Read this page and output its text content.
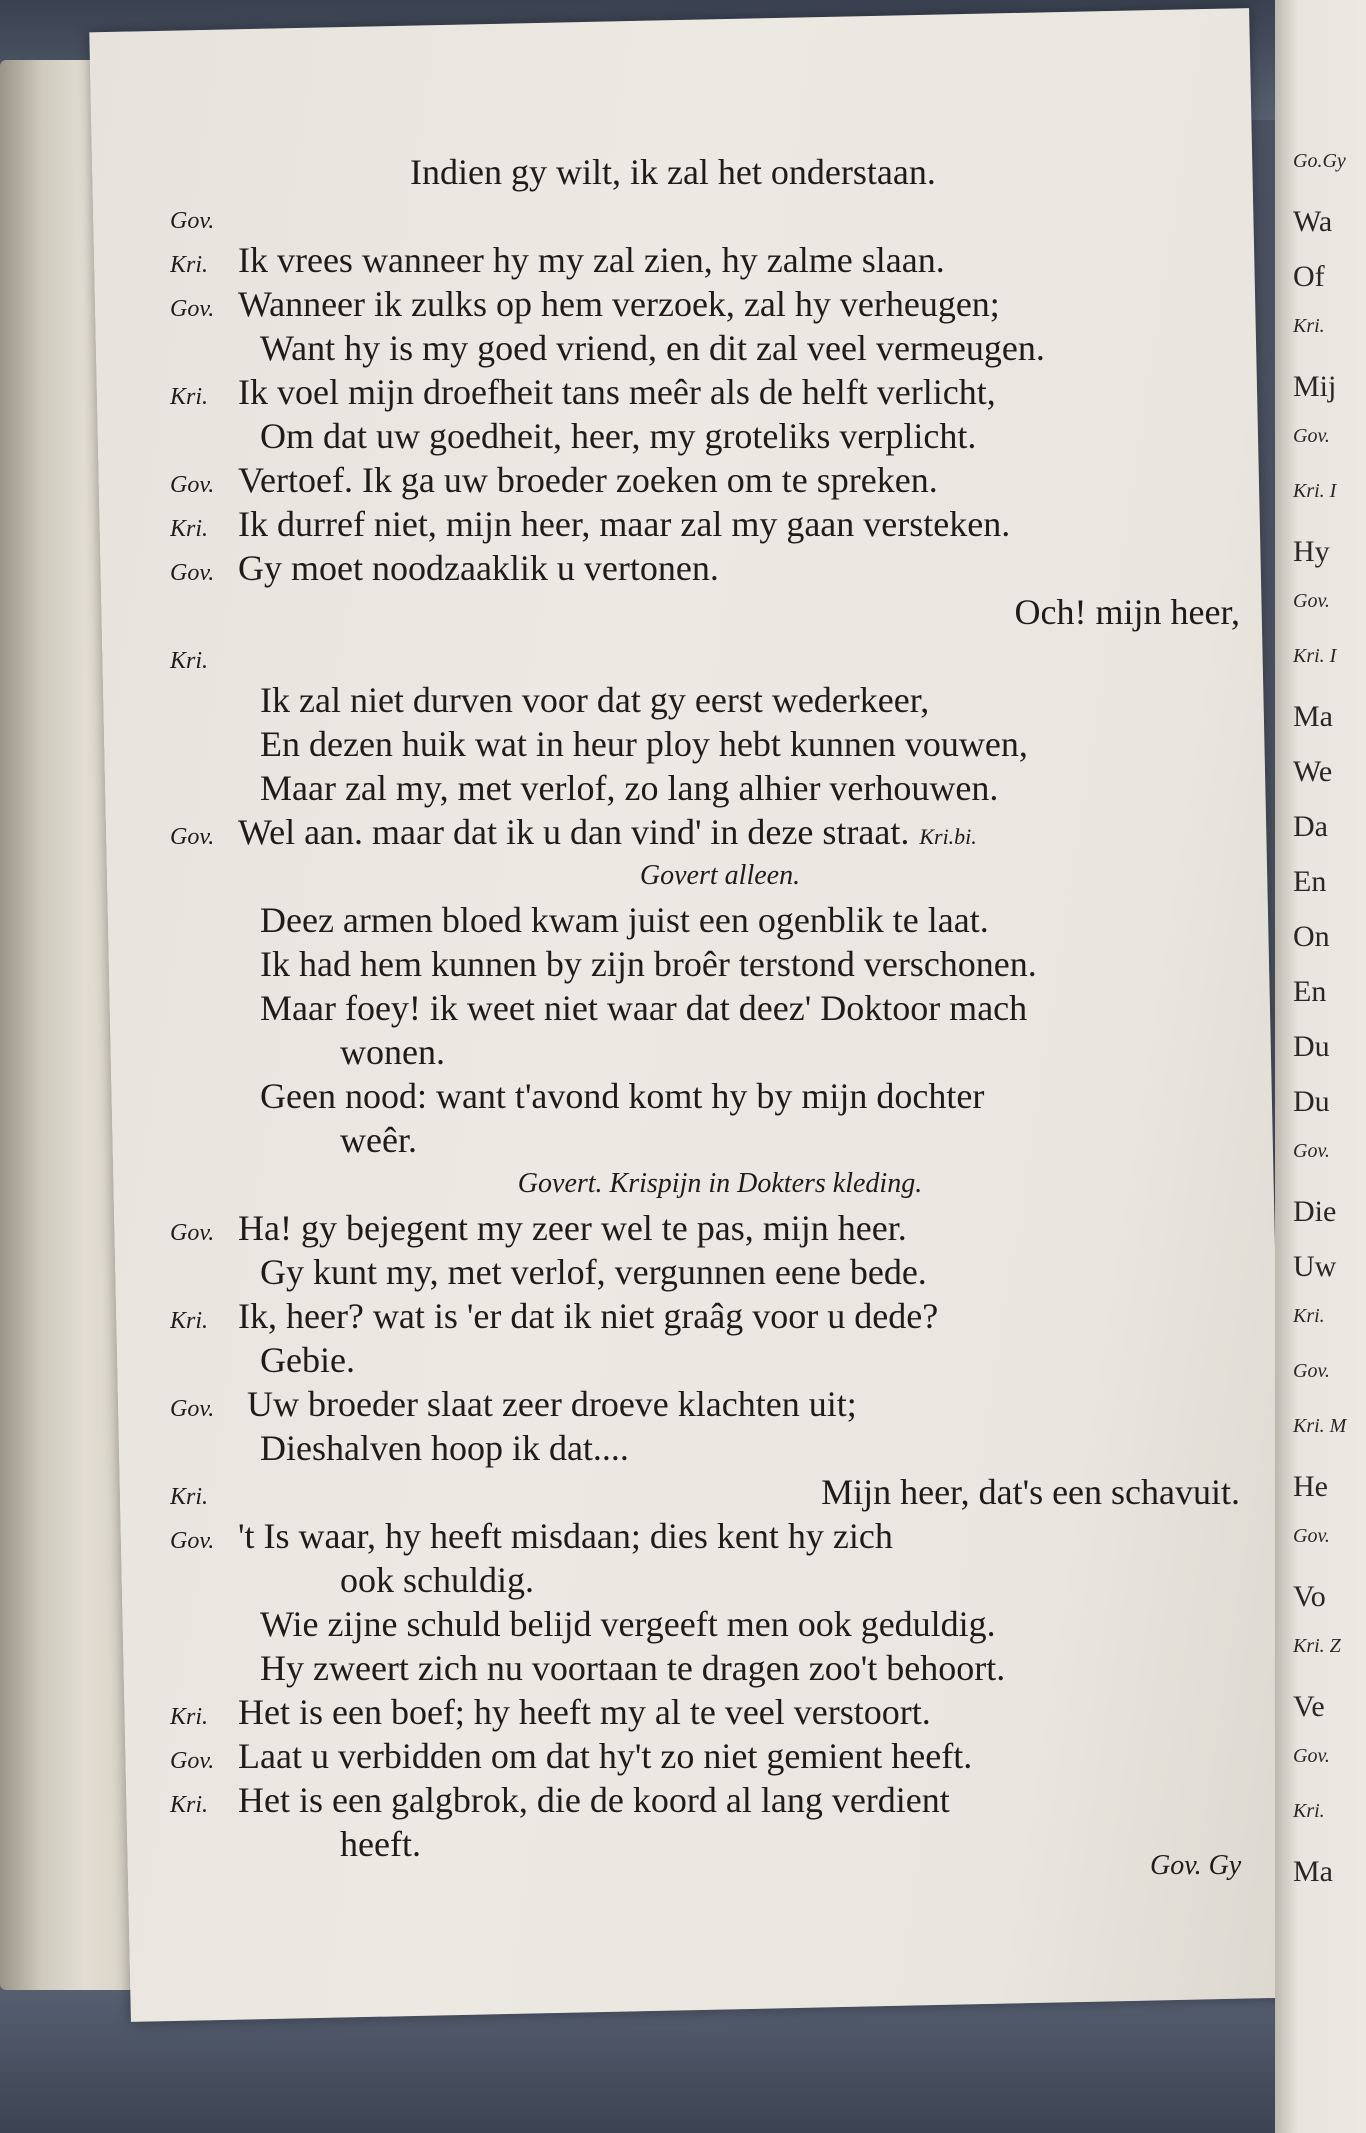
Go.Gy
Wa
Of
Kri.
Mij
Gov.
Kri. I
Hy
Gov.
Kri. I
Ma
We
Da
En
On
En
Du
Du
Gov.
Die
Uw
Kri.
Gov.
Kri. M
He
Gov.
Vo
Kri. Z
Ve
Gov.
Kri.
Ma
Indien gy wilt, ik zal het onderstaan.
Gov.
Kri. Ik vrees wanneer hy my zal zien, hy zalme slaan.
Gov. Wanneer ik zulks op hem verzoek, zal hy verheugen;
Want hy is my goed vriend, en dit zal veel vermeugen.
Kri. Ik voel mijn droefheit tans meêr als de helft verlicht,
Om dat uw goedheit, heer, my groteliks verplicht.
Gov. Vertoef. Ik ga uw broeder zoeken om te spreken.
Kri. Ik durref niet, mijn heer, maar zal my gaan versteken.
Gov. Gy moet noodzaaklik u vertonen.
Och! mijn heer,
Kri.
Ik zal niet durven voor dat gy eerst wederkeer,
En dezen huik wat in heur ploy hebt kunnen vouwen,
Maar zal my, met verlof, zo lang alhier verhouwen.
Gov. Wel aan. maar dat ik u dan vind' in deze straat. Kri.bi.
Govert alleen.
Deez armen bloed kwam juist een ogenblik te laat.
Ik had hem kunnen by zijn broêr terstond verschonen.
Maar foey! ik weet niet waar dat deez' Doktoor mach
wonen.
Geen nood: want t'avond komt hy by mijn dochter
weêr.
Govert. Krispijn in Dokters kleding.
Gov. Ha! gy bejegent my zeer wel te pas, mijn heer.
Gy kunt my, met verlof, vergunnen eene bede.
Kri. Ik, heer? wat is 'er dat ik niet graâg voor u dede?
Gebie.
Gov. Uw broeder slaat zeer droeve klachten uit;
Dieshalven hoop ik dat....
Kri.	Mijn heer, dat's een schavuit.
Gov. 't Is waar, hy heeft misdaan; dies kent hy zich
ook schuldig.
Wie zijne schuld belijd vergeeft men ook geduldig.
Hy zweert zich nu voortaan te dragen zoo't behoort.
Kri. Het is een boef; hy heeft my al te veel verstoort.
Gov. Laat u verbidden om dat hy't zo niet gemient heeft.
Kri. Het is een galgbrok, die de koord al lang verdient
heeft.
Gov. Gy
